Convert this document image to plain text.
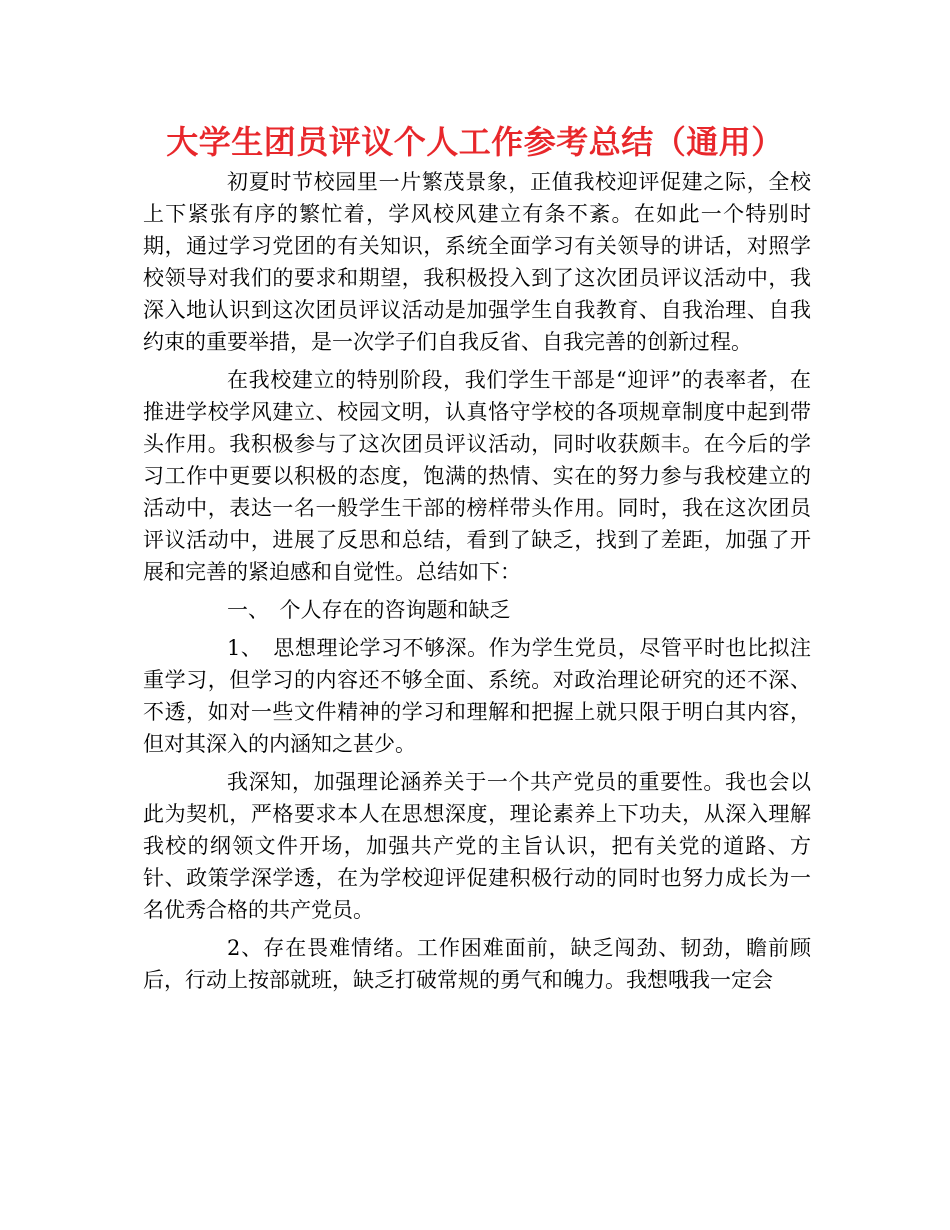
大学生团员评议个人工作参考总结（通用）

初夏时节校园里一片繁茂景象，正值我校迎评促建之际，全校上下紧张有序的繁忙着，学风校风建立有条不紊。在如此一个特别时期，通过学习党团的有关知识，系统全面学习有关领导的讲话，对照学校领导对我们的要求和期望，我积极投入到了这次团员评议活动中，我深入地认识到这次团员评议活动是加强学生自我教育、自我治理、自我约束的重要举措，是一次学子们自我反省、自我完善的创新过程。

在我校建立的特别阶段，我们学生干部是“迎评”的表率者，在推进学校学风建立、校园文明，认真恪守学校的各项规章制度中起到带头作用。我积极参与了这次团员评议活动，同时收获颇丰。在今后的学习工作中更要以积极的态度，饱满的热情、实在的努力参与我校建立的活动中，表达一名一般学生干部的榜样带头作用。同时，我在这次团员评议活动中，进展了反思和总结，看到了缺乏，找到了差距，加强了开展和完善的紧迫感和自觉性。总结如下：

一、　个人存在的咨询题和缺乏

1、　思想理论学习不够深。作为学生党员，尽管平时也比拟注重学习，但学习的内容还不够全面、系统。对政治理论研究的还不深、不透，如对一些文件精神的学习和理解和把握上就只限于明白其内容，但对其深入的内涵知之甚少。

我深知，加强理论涵养关于一个共产党员的重要性。我也会以此为契机，严格要求本人在思想深度，理论素养上下功夫，从深入理解我校的纲领文件开场，加强共产党的主旨认识，把有关党的道路、方针、政策学深学透，在为学校迎评促建积极行动的同时也努力成长为一名优秀合格的共产党员。

2、存在畏难情绪。工作困难面前，缺乏闯劲、韧劲，瞻前顾后，行动上按部就班，缺乏打破常规的勇气和魄力。我想哦我一定会
